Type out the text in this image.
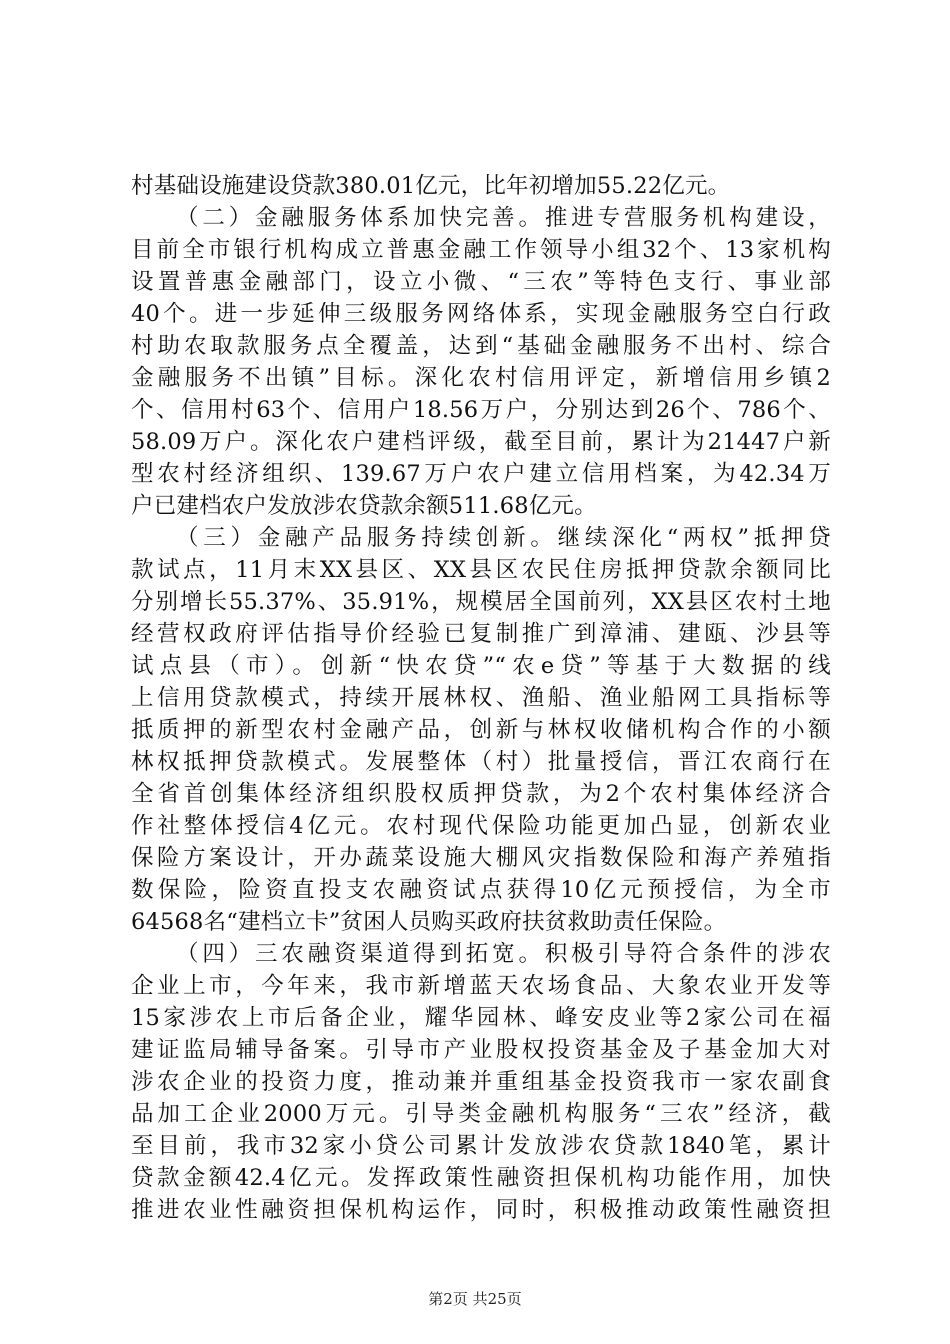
村基础设施建设贷款380.01亿元，比年初增加55.22亿元。
（二）金融服务体系加快完善。推进专营服务机构建设，
目前全市银行机构成立普惠金融工作领导小组32个、13家机构
设置普惠金融部门，设立小微、“三农”等特色支行、事业部
40个。进一步延伸三级服务网络体系，实现金融服务空白行政
村助农取款服务点全覆盖，达到“基础金融服务不出村、综合
金融服务不出镇”目标。深化农村信用评定，新增信用乡镇2
个、信用村63个、信用户18.56万户，分别达到26个、786个、
58.09万户。深化农户建档评级，截至目前，累计为21447户新
型农村经济组织、139.67万户农户建立信用档案，为42.34万
户已建档农户发放涉农贷款余额511.68亿元。
（三）金融产品服务持续创新。继续深化“两权”抵押贷
款试点，11月末XX县区、XX县区农民住房抵押贷款余额同比
分别增长55.37%、35.91%，规模居全国前列，XX县区农村土地
经营权政府评估指导价经验已复制推广到漳浦、建瓯、沙县等
试点县（市）。创新“快农贷”“农e贷”等基于大数据的线
上信用贷款模式，持续开展林权、渔船、渔业船网工具指标等
抵质押的新型农村金融产品，创新与林权收储机构合作的小额
林权抵押贷款模式。发展整体（村）批量授信，晋江农商行在
全省首创集体经济组织股权质押贷款，为2个农村集体经济合
作社整体授信4亿元。农村现代保险功能更加凸显，创新农业
保险方案设计，开办蔬菜设施大棚风灾指数保险和海产养殖指
数保险，险资直投支农融资试点获得10亿元预授信，为全市
64568名“建档立卡”贫困人员购买政府扶贫救助责任保险。
（四）三农融资渠道得到拓宽。积极引导符合条件的涉农
企业上市，今年来，我市新增蓝天农场食品、大象农业开发等
15家涉农上市后备企业，耀华园林、峰安皮业等2家公司在福
建证监局辅导备案。引导市产业股权投资基金及子基金加大对
涉农企业的投资力度，推动兼并重组基金投资我市一家农副食
品加工企业2000万元。引导类金融机构服务“三农”经济，截
至目前，我市32家小贷公司累计发放涉农贷款1840笔，累计
贷款金额42.4亿元。发挥政策性融资担保机构功能作用，加快
推进农业性融资担保机构运作，同时，积极推动政策性融资担
第2页 共25页
